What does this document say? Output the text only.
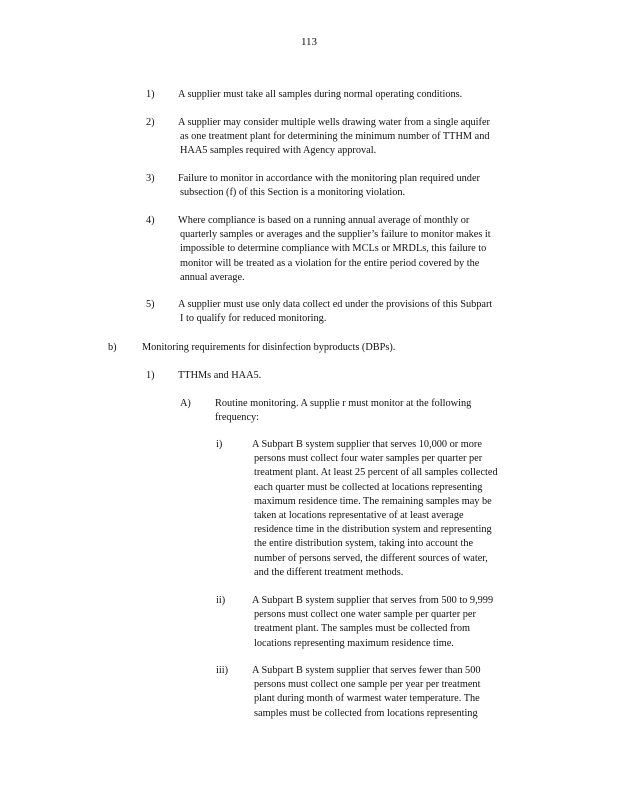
113
1) A supplier must take all samples during normal operating conditions.
2) A supplier may consider multiple wells drawing water from a single aquifer
as one treatment plant for determining the minimum number of TTHM and
HAA5 samples required with Agency approval.
3) Failure to monitor in accordance with the monitoring plan required under
subsection (f) of this Section is a monitoring violation.
4) Where compliance is based on a running annual average of monthly or
quarterly samples or averages and the supplier’s failure to monitor makes it
impossible to determine compliance with MCLs or MRDLs, this failure to
monitor will be treated as a violation for the entire period covered by the
annual average.
5) A supplier must use only data collect ed under the provisions of this Subpart
I to qualify for reduced monitoring.
b) Monitoring requirements for disinfection byproducts (DBPs).
1) TTHMs and HAA5.
A) Routine monitoring. A supplie r must monitor at the following
frequency:
i)	A Subpart B system supplier that serves 10,000 or more
persons must collect four water samples per quarter per
treatment plant. At least 25 percent of all samples collected
each quarter must be collected at locations representing
maximum residence time. The remaining samples may be
taken at locations representative of at least average
residence time in the distribution system and representing
the entire distribution system, taking into account the
number of persons served, the different sources of water,
and the different treatment methods.
ii)	A Subpart B system supplier that serves from 500 to 9,999
persons must collect one water sample per quarter per
treatment plant. The samples must be collected from
locations representing maximum residence time.
iii) A Subpart B system supplier that serves fewer than 500
persons must collect one sample per year per treatment
plant during month of warmest water temperature. The
samples must be collected from locations representing
